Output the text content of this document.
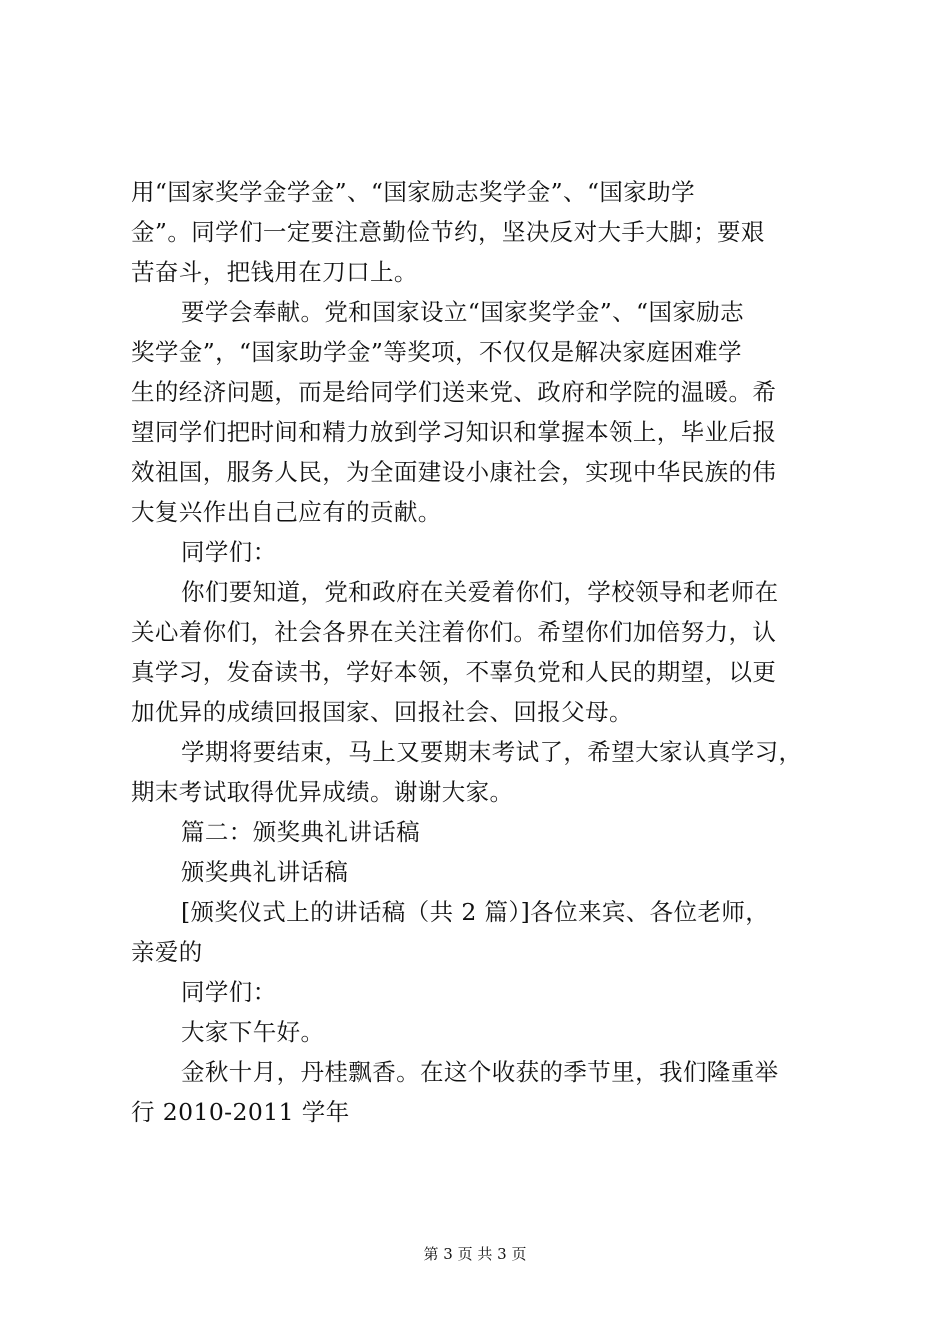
用“国家奖学金学金”、“国家励志奖学金”、“国家助学
金”。同学们一定要注意勤俭节约，坚决反对大手大脚；要艰
苦奋斗，把钱用在刀口上。
要学会奉献。党和国家设立“国家奖学金”、“国家励志
奖学金”，“国家助学金”等奖项，不仅仅是解决家庭困难学
生的经济问题，而是给同学们送来党、政府和学院的温暖。希
望同学们把时间和精力放到学习知识和掌握本领上，毕业后报
效祖国，服务人民，为全面建设小康社会，实现中华民族的伟
大复兴作出自己应有的贡献。
同学们：
你们要知道，党和政府在关爱着你们，学校领导和老师在
关心着你们，社会各界在关注着你们。希望你们加倍努力，认
真学习，发奋读书，学好本领，不辜负党和人民的期望，以更
加优异的成绩回报国家、回报社会、回报父母。
学期将要结束，马上又要期末考试了，希望大家认真学习，
期末考试取得优异成绩。谢谢大家。
篇二：颁奖典礼讲话稿
颁奖典礼讲话稿
[颁奖仪式上的讲话稿（共 2 篇）]各位来宾、各位老师，
亲爱的
同学们：
大家下午好。
金秋十月，丹桂飘香。在这个收获的季节里，我们隆重举
行 2010-2011 学年
第 3 页 共 3 页
